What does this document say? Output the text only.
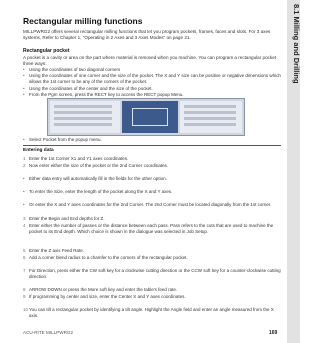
8.1 Milling and Drilling
Rectangular milling functions
MILLPWRG2 offers several rectangular milling functions that let you program pockets, frames, faces and slots. For 3 axes systems, Refer to Chapter 1, "Operating in 2 Axes and 3 Axes Modes" on page 21.
Rectangular pocket
A pocket is a cavity or area on the part where material is removed when you machine. You can program a rectangular pocket three ways:
• Using the coordinates of two diagonal corners
• Using the coordinates of one corner and the size of the pocket. The X and Y size can be positive or negative dimensions which allows the 1st corner to be any of the corners of the pocket.
• Using the coordinates of the center and the size of the pocket.
• From the Pgm screen, press the RECT key to access the RECT popup Menu.
• Select Pocket from the popup menu.
Entering data
1 Enter the 1st Corner X1 and Y1 axes coordinates.
2 Now enter either the size of the pocket or the 2nd Corner coordinates.
• Either data entry will automatically fill in the fields for the other option.
• To enter the Size, enter the length of the pocket along the X and Y axes.
• Or enter the X and Y axes coordinates for the 2nd Corner. The 2nd Corner must be located diagonally from the 1st corner.
3 Enter the Begin and End depths for Z.
4 Enter either the number of passes or the distance between each pass. Pass refers to the cuts that are used to machine the pocket to its End depth. Which choice is shown in the dialogue was selected in Job Setup.
5 Enter the Z axis Feed Rate.
6 Add a corner blend radius to a chamfer to the corners of the rectangular pocket.
7 For Direction, press either the CW soft key for a clockwise cutting direction or the CCW soft key for a counter-clockwise cutting direction.
8 ARROW DOWN or press the More soft key and enter the table's feed rate.
9 If programming by center and size, enter the Center X and Y axes coordinates.
10 You can tilt a rectangular pocket by identifying a tilt angle. Highlight the Angle field and enter an angle measured from the X axis.
ACU-RITE MILLPWRG2	169
